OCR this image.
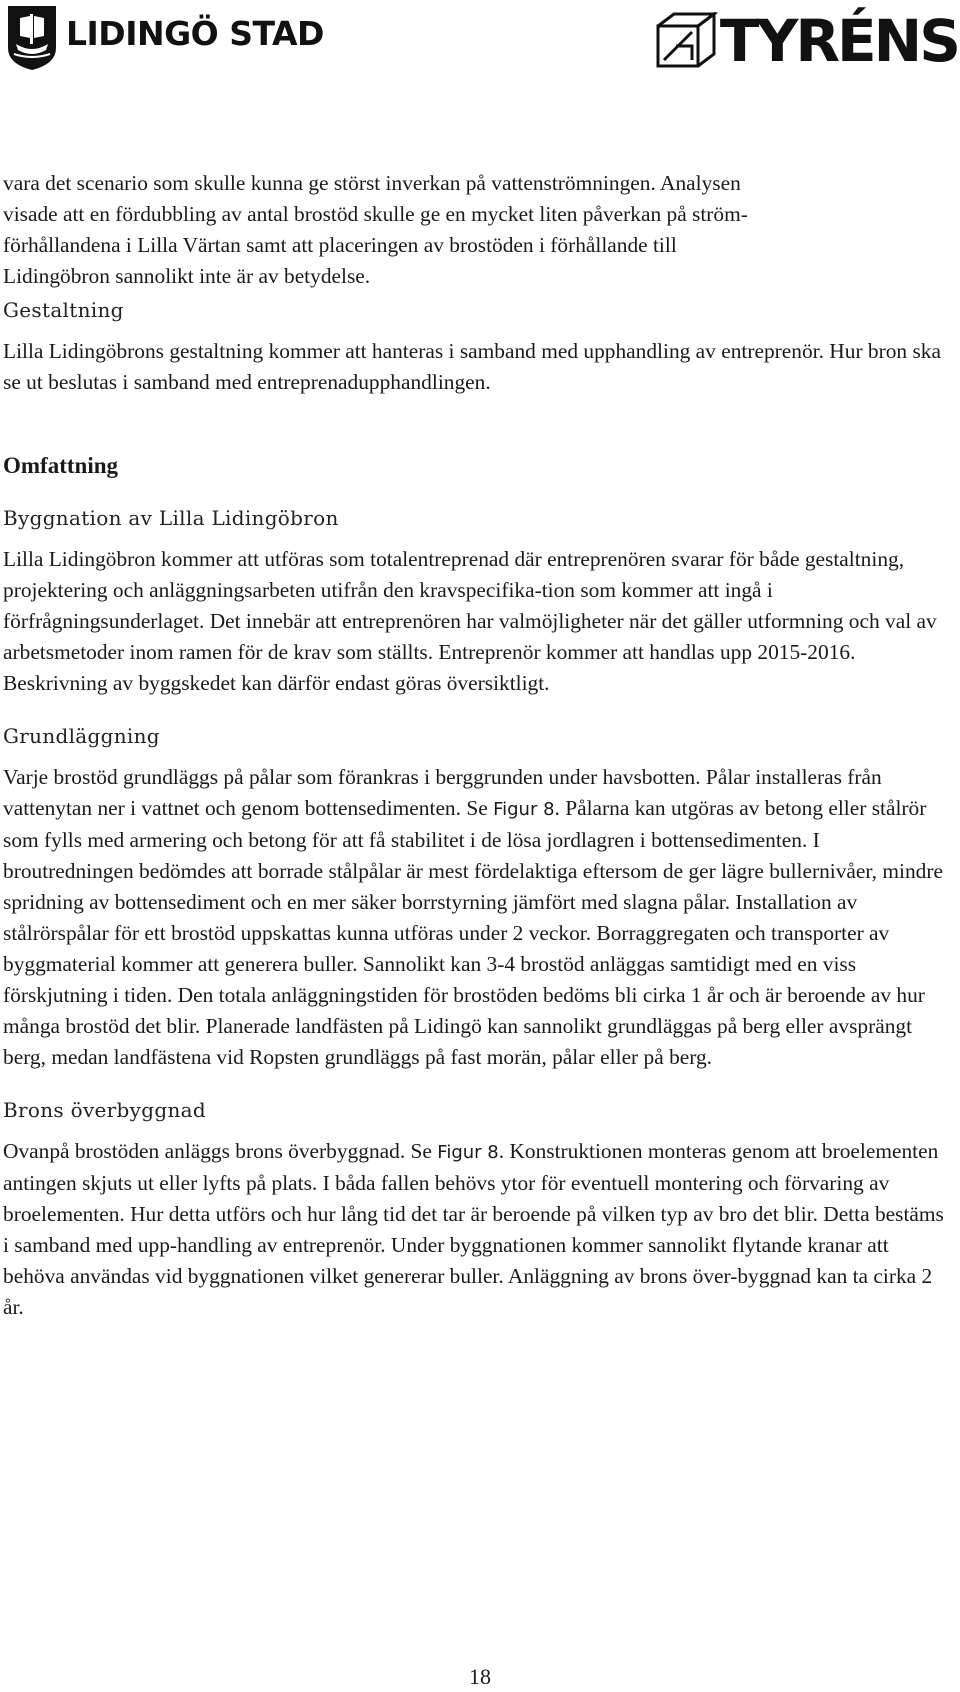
LIDINGÖ STAD	TYRÉNS

vara det scenario som skulle kunna ge störst inverkan på vattenströmningen. Analysen

visade att en fördubbling av antal brostöd skulle ge en mycket liten påverkan på ström-

förhållandena i Lilla Värtan samt att placeringen av brostöden i förhållande till

Lidingöbron sannolikt inte är av betydelse.

Gestaltning

Lilla Lidingöbrons gestaltning kommer att hanteras i samband med upphandling av entreprenör. Hur bron ska se ut beslutas i samband med entreprenadupphandlingen.

Omfattning

Byggnation av Lilla Lidingöbron

Lilla Lidingöbron kommer att utföras som totalentreprenad där entreprenören svarar för både gestaltning, projektering och anläggningsarbeten utifrån den kravspecifika-tion som kommer att ingå i förfrågningsunderlaget. Det innebär att entreprenören har valmöjligheter när det gäller utformning och val av arbetsmetoder inom ramen för de krav som ställts. Entreprenör kommer att handlas upp 2015-2016. Beskrivning av byggskedet kan därför endast göras översiktligt.

Grundläggning

Varje brostöd grundläggs på pålar som förankras i berggrunden under havsbotten. Pålar installeras från vattenytan ner i vattnet och genom bottensedimenten. Se Figur 8. Pålarna kan utgöras av betong eller stålrör som fylls med armering och betong för att få stabilitet i de lösa jordlagren i bottensedimenten. I broutredningen bedömdes att borrade stålpålar är mest fördelaktiga eftersom de ger lägre bullernivåer, mindre spridning av bottensediment och en mer säker borrstyrning jämfört med slagna pålar. Installation av stålrörspålar för ett brostöd uppskattas kunna utföras under 2 veckor. Borraggregaten och transporter av byggmaterial kommer att generera buller. Sannolikt kan 3-4 brostöd anläggas samtidigt med en viss förskjutning i tiden. Den totala anläggningstiden för brostöden bedöms bli cirka 1 år och är beroende av hur många brostöd det blir. Planerade landfästen på Lidingö kan sannolikt grundläggas på berg eller avsprängt berg, medan landfästena vid Ropsten grundläggs på fast morän, pålar eller på berg.

Brons överbyggnad

Ovanpå brostöden anläggs brons överbyggnad. Se Figur 8. Konstruktionen monteras genom att broelementen antingen skjuts ut eller lyfts på plats. I båda fallen behövs ytor för eventuell montering och förvaring av broelementen. Hur detta utförs och hur lång tid det tar är beroende på vilken typ av bro det blir. Detta bestäms i samband med upp-handling av entreprenör. Under byggnationen kommer sannolikt flytande kranar att behöva användas vid byggnationen vilket genererar buller. Anläggning av brons över-byggnad kan ta cirka 2 år.

18
